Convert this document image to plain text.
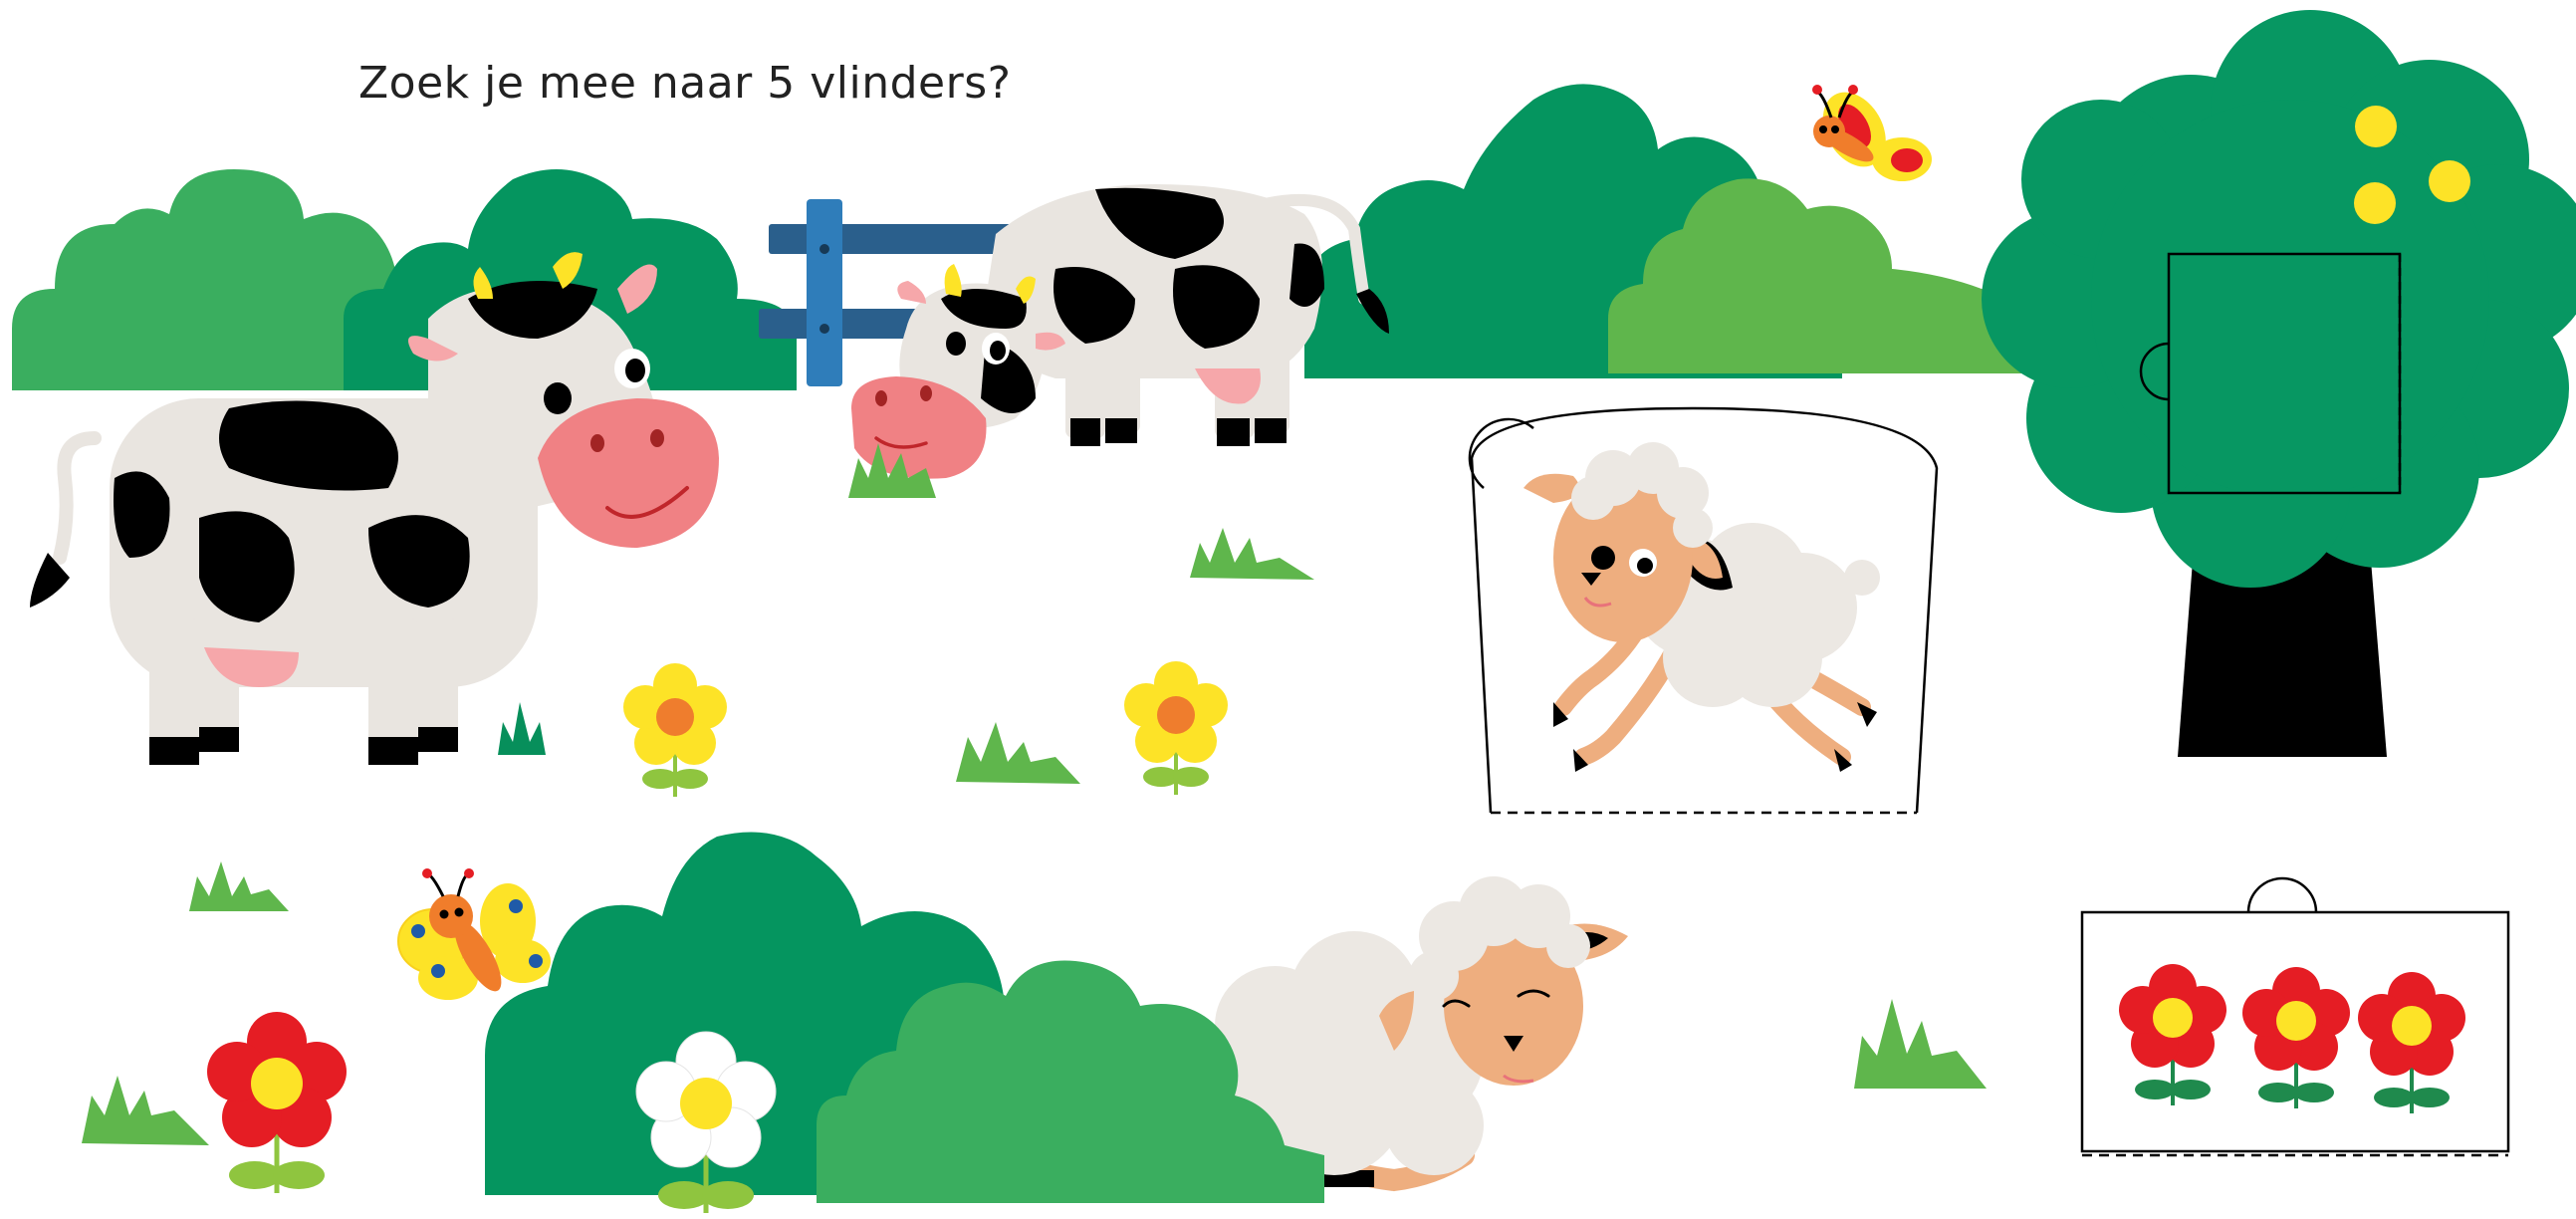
Zoek je mee naar 5 vlinders?
